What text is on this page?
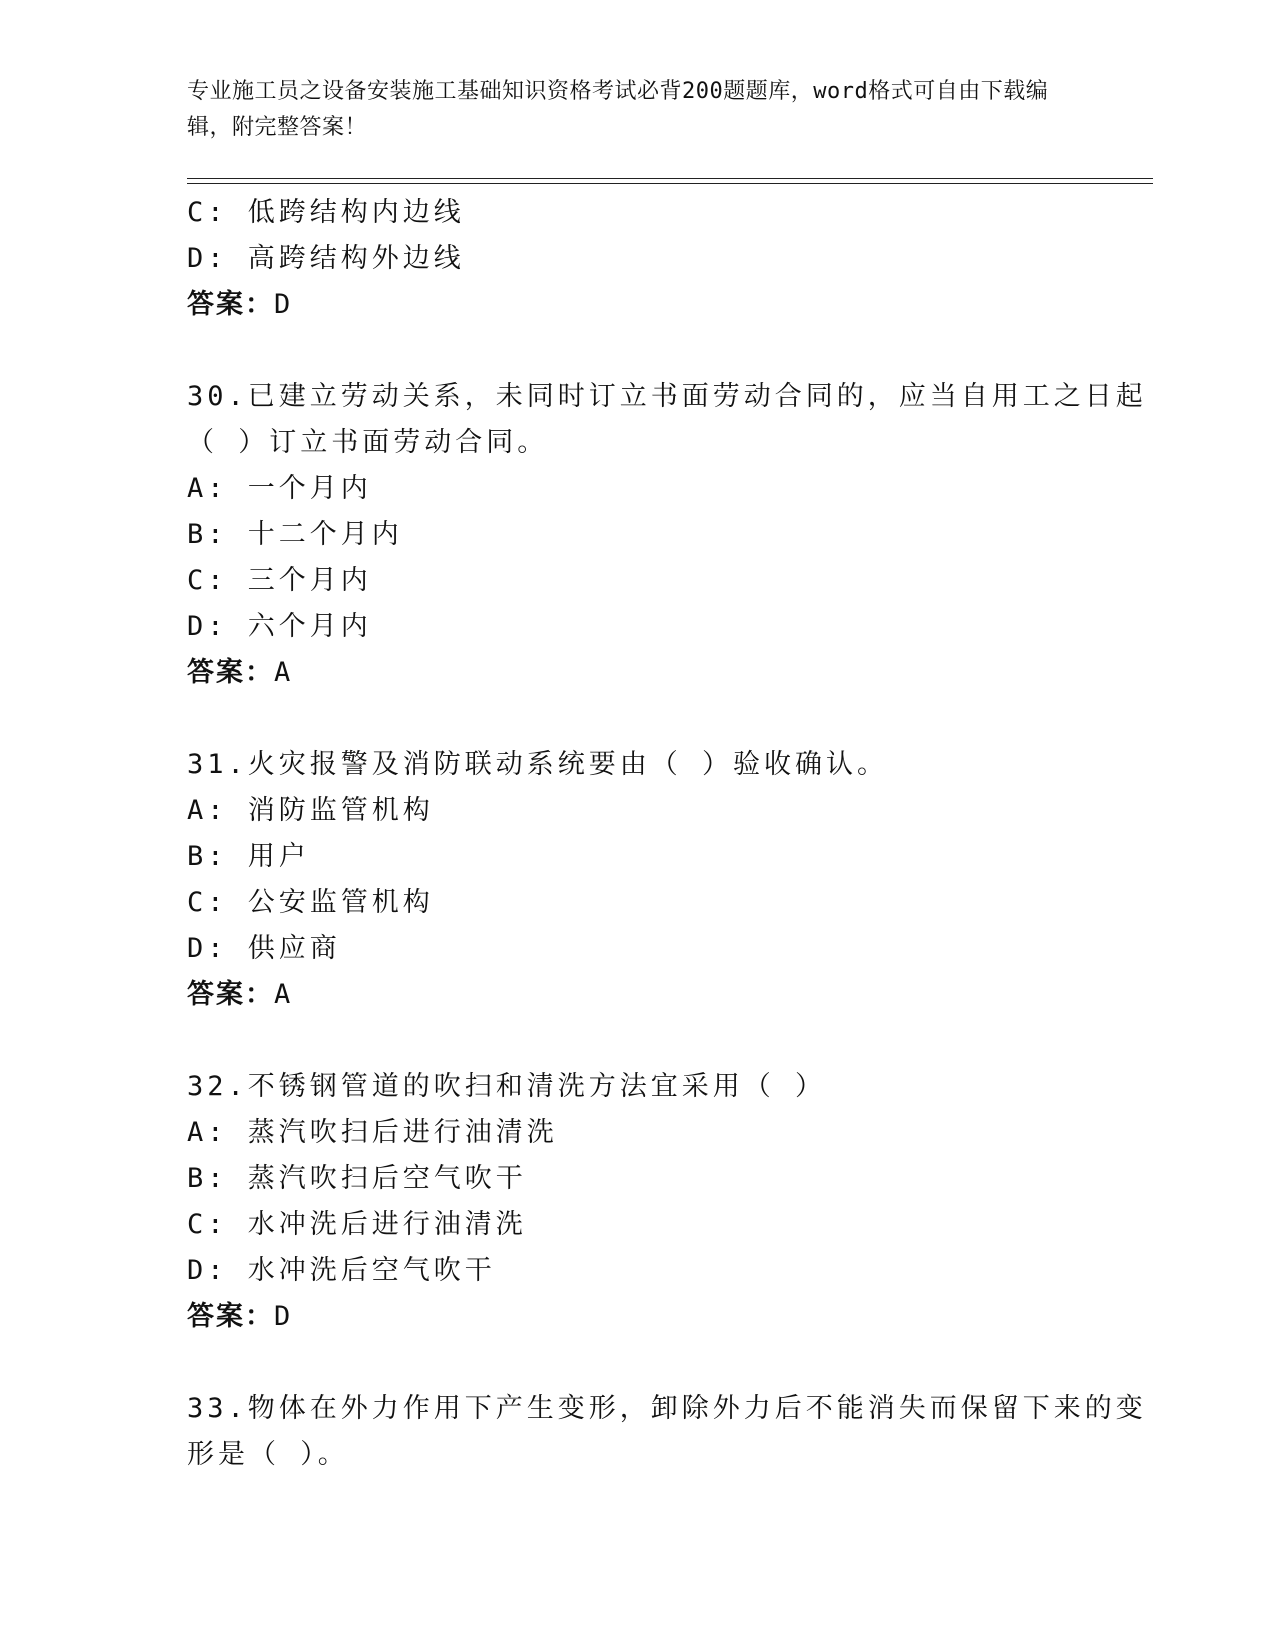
专业施工员之设备安装施工基础知识资格考试必背200题题库，word格式可自由下载编辑，附完整答案！
C: 低跨结构内边线
D: 高跨结构外边线
答案：D
30.已建立劳动关系，未同时订立书面劳动合同的，应当自用工之日起
（ ）订立书面劳动合同。
A: 一个月内
B: 十二个月内
C: 三个月内
D: 六个月内
答案：A
31.火灾报警及消防联动系统要由（ ）验收确认。
A: 消防监管机构
B: 用户
C: 公安监管机构
D: 供应商
答案：A
32.不锈钢管道的吹扫和清洗方法宜采用（ ）
A: 蒸汽吹扫后进行油清洗
B: 蒸汽吹扫后空气吹干
C: 水冲洗后进行油清洗
D: 水冲洗后空气吹干
答案：D
33.物体在外力作用下产生变形，卸除外力后不能消失而保留下来的变
形是（ ）。
